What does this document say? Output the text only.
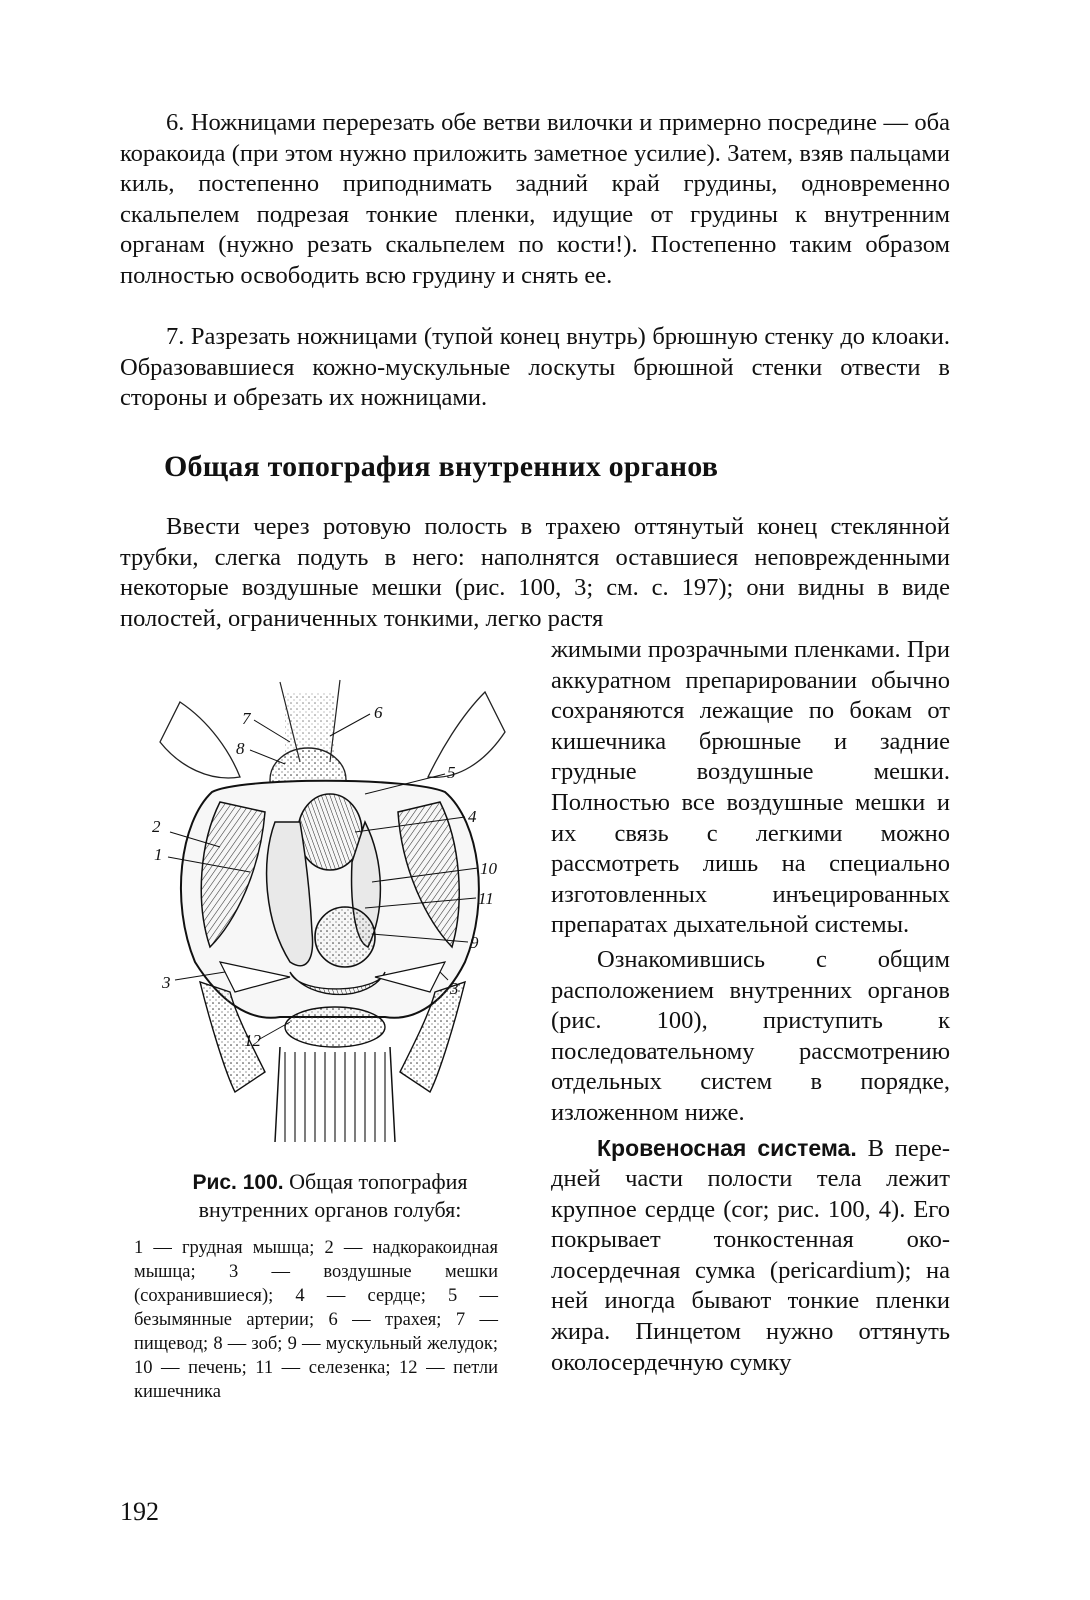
6. Ножницами перерезать обе ветви вилочки и примерно посредине — оба коракоида (при этом нужно приложить заметное усилие). Затем, взяв пальцами киль, постепенно приподнимать задний край грудины, одновременно скальпелем подрезая тонкие пленки, идущие от грудины к внутренним органам (нужно резать скальпелем по кости!). Постепенно таким образом полностью освободить всю грудину и снять ее.

7. Разрезать ножницами (тупой конец внутрь) брюшную стенку до клоаки. Образовавшиеся кожно-мускульные лоскуты брюшной стенки отвести в стороны и обрезать их ножницами.

Общая топография внутренних органов

Ввести через ротовую полость в трахею оттянутый конец стеклянной трубки, слегка подуть в него: наполнятся оставшиеся неповрежденными некоторые воздушные мешки (рис. 100, 3; см. с. 197); они видны в виде полостей, ограниченных тонкими, легко растя

жимыми прозрачными пленками. При аккуратном препарировании обычно сохраняются лежащие по бокам от кишечника брюшные и задние грудные воздушные мешки. Полностью все воздушные мешки и их связь с легкими можно рассмотреть лишь на специально изготовленных инъецированных препаратах дыхательной системы.

Ознакомившись с общим расположением внутренних органов (рис. 100), приступить к последовательному рассмотрению отдельных систем в порядке, изложенном ниже.

Кровеносная система. В передней части полости тела лежит крупное сердце (cor; рис. 100, 4). Его покрывает тонкостенная околосердечная сумка (pericardium); на ней иногда бывают тонкие пленки жира. Пинцетом нужно оттянуть околосердечную сумку

7
8
6
5
4
2
1
10
11
9
3	3
12

Рис. 100. Общая топография внутренних органов голубя:

1 — грудная мышца; 2 — надкоракоидная мышца; 3 — воздушные мешки (сохранившиеся); 4 — сердце; 5 — безымянные артерии; 6 — трахея; 7 — пищевод; 8 — зоб; 9 — мускульный желудок; 10 — печень; 11 — селезенка; 12 — петли кишечника

192
